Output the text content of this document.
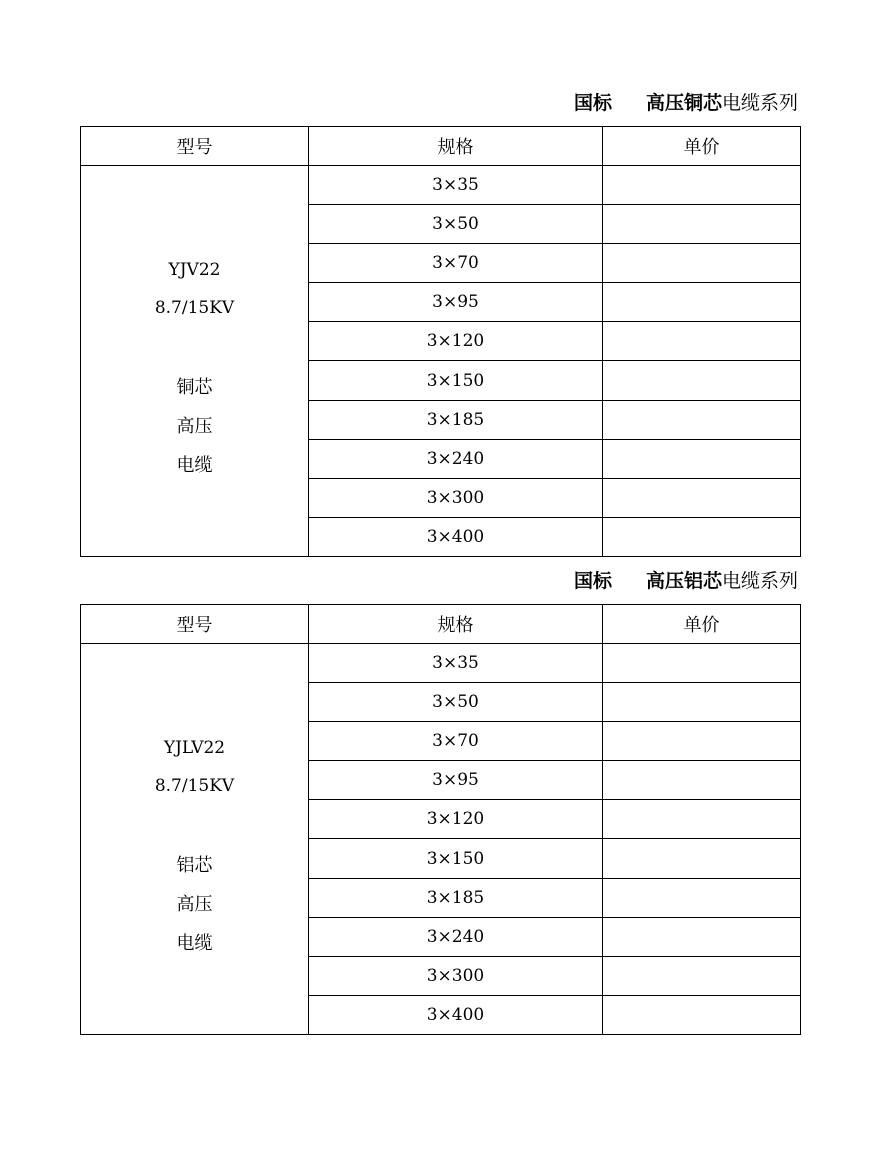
国标 高压铜芯电缆系列
型号	规格	单价

YJV22
8.7/15KV
铜芯
高压
电缆	3×35	
	3×50	
	3×70	
	3×95	
	3×120	
	3×150	
	3×185	
	3×240	
	3×300	
	3×400	
国标 高压铝芯电缆系列
型号	规格	单价

YJLV22
8.7/15KV
铝芯
高压
电缆	3×35	
	3×50	
	3×70	
	3×95	
	3×120	
	3×150	
	3×185	
	3×240	
	3×300	
	3×400	
